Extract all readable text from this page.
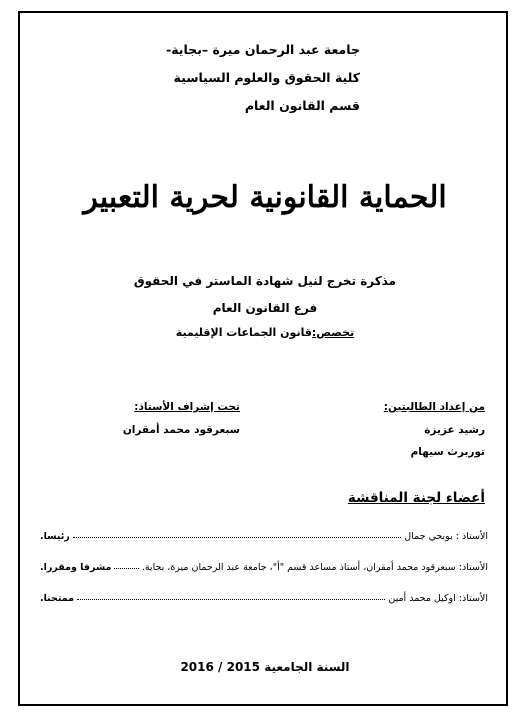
جامعة عبد الرحمان ميرة –بجاية-
كلية الحقوق والعلوم السياسية
قسم القانون العام
الحماية القانونية لحرية التعبير
مذكرة تخرج لنيل شهادة الماستر في الحقوق
فرع القانون العام
تخصص:قانون الجماعات الإقليمية
من إعداد الطالبتين:
رشيد عزيزة
توربرث سيهام
تحت إشراف الأستاذ:
سبعرقود محمد أمقران
أعضاء لجنة المناقشة
الأستاذ :

بوبحي جمال
رئيسا.
الأستاذ:

سبعرقود محمد أمقران، أستاذ مساعد قسم "أ"، جامعة عبد الرحمان ميرة، بجاية.
مشرفا ومقررا.
الأستاذ:

اوكيل محمد أمين
ممتحنا.
السنة الجامعية 2016 / 2015
